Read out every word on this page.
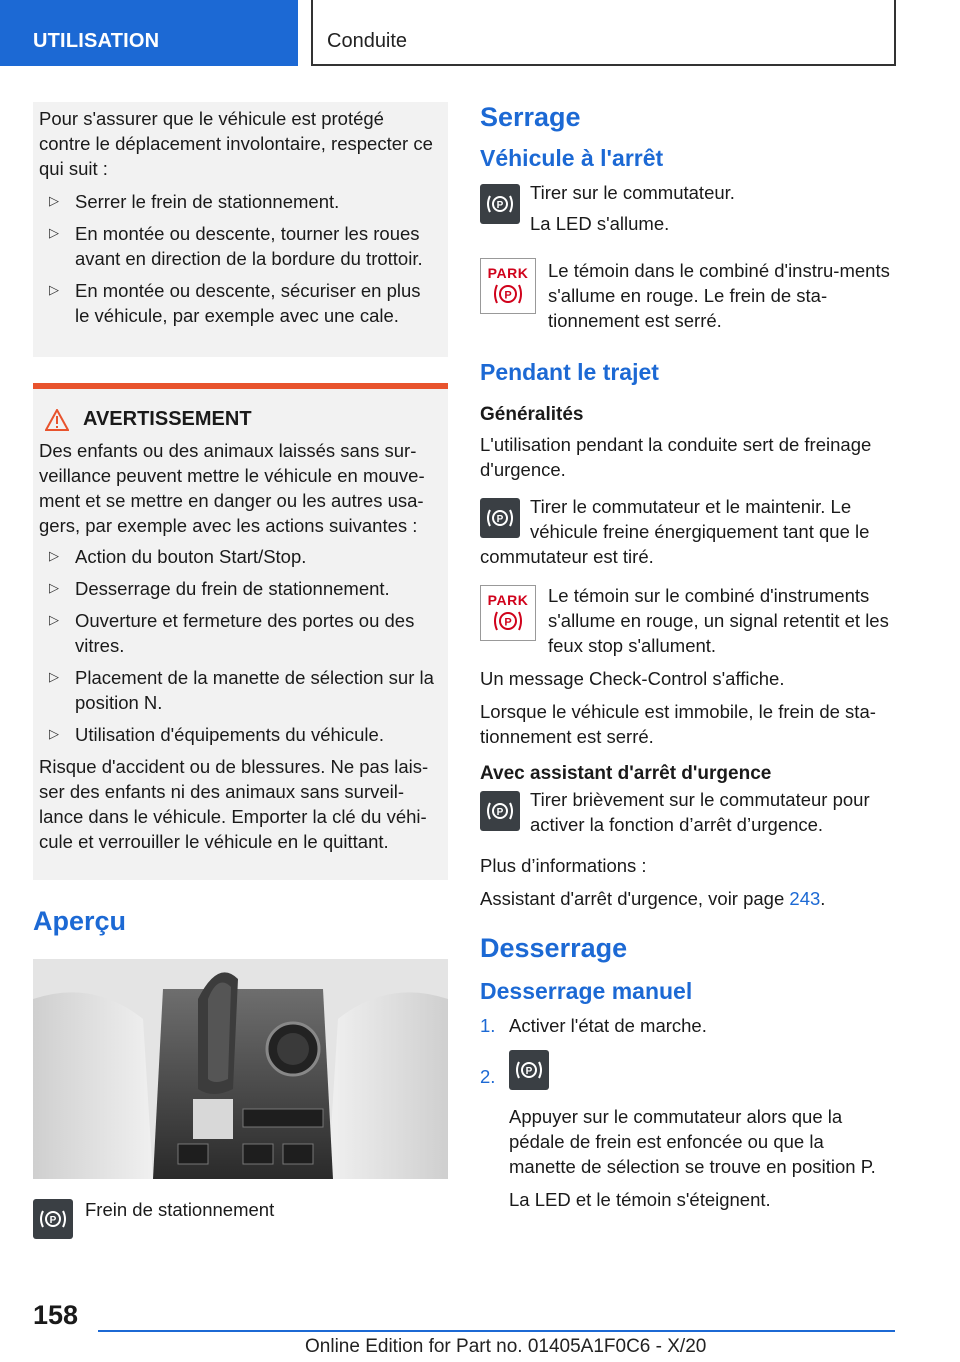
UTILISATION	Conduite

Pour s'assurer que le véhicule est protégé contre le déplacement involontaire, respecter ce qui suit :

▷ Serrer le frein de stationnement.
▷ En montée ou descente, tourner les roues avant en direction de la bordure du trottoir.
▷ En montée ou descente, sécuriser en plus le véhicule, par exemple avec une cale.
AVERTISSEMENT

Des enfants ou des animaux laissés sans sur‐veillance peuvent mettre le véhicule en mouve‐ment et se mettre en danger ou les autres usa‐gers, par exemple avec les actions suivantes :

▷ Action du bouton Start/Stop.
▷ Desserrage du frein de stationnement.
▷ Ouverture et fermeture des portes ou des vitres.
▷ Placement de la manette de sélection sur la position N.
▷ Utilisation d'équipements du véhicule.

Risque d'accident ou de blessures. Ne pas lais‐ser des enfants ni des animaux sans surveil‐lance dans le véhicule. Emporter la clé du véhi‐cule et verrouiller le véhicule en le quittant.

Aperçu
P
Frein de stationnement
Serrage
Véhicule à l'arrêt
P
Tirer sur le commutateur.
La LED s'allume.
PARK
P
Le témoin dans le combiné d'instru‐ments s'allume en rouge. Le frein de sta‐tionnement est serré.
Pendant le trajet
Généralités
L'utilisation pendant la conduite sert de freinage d'urgence.
P
Tirer le commutateur et le maintenir. Le véhicule freine énergiquement tant que le commutateur est tiré.
PARK
P
Le témoin sur le combiné d'instruments s'allume en rouge, un signal retentit et les feux stop s'allument.
Un message Check-Control s'affiche.
Lorsque le véhicule est immobile, le frein de sta‐tionnement est serré.
Avec assistant d'arrêt d'urgence
P
Tirer brièvement sur le commutateur pour activer la fonction d’arrêt d’urgence.
Plus d’informations :
Assistant d'arrêt d'urgence, voir page 243.
Desserrage
Desserrage manuel
1. Activer l'état de marche.
2.	P
Appuyer sur le commutateur alors que la pédale de frein est enfoncée ou que la manette de sélection se trouve en position P.
La LED et le témoin s'éteignent.
158
Online Edition for Part no. 01405A1F0C6 - X/20
